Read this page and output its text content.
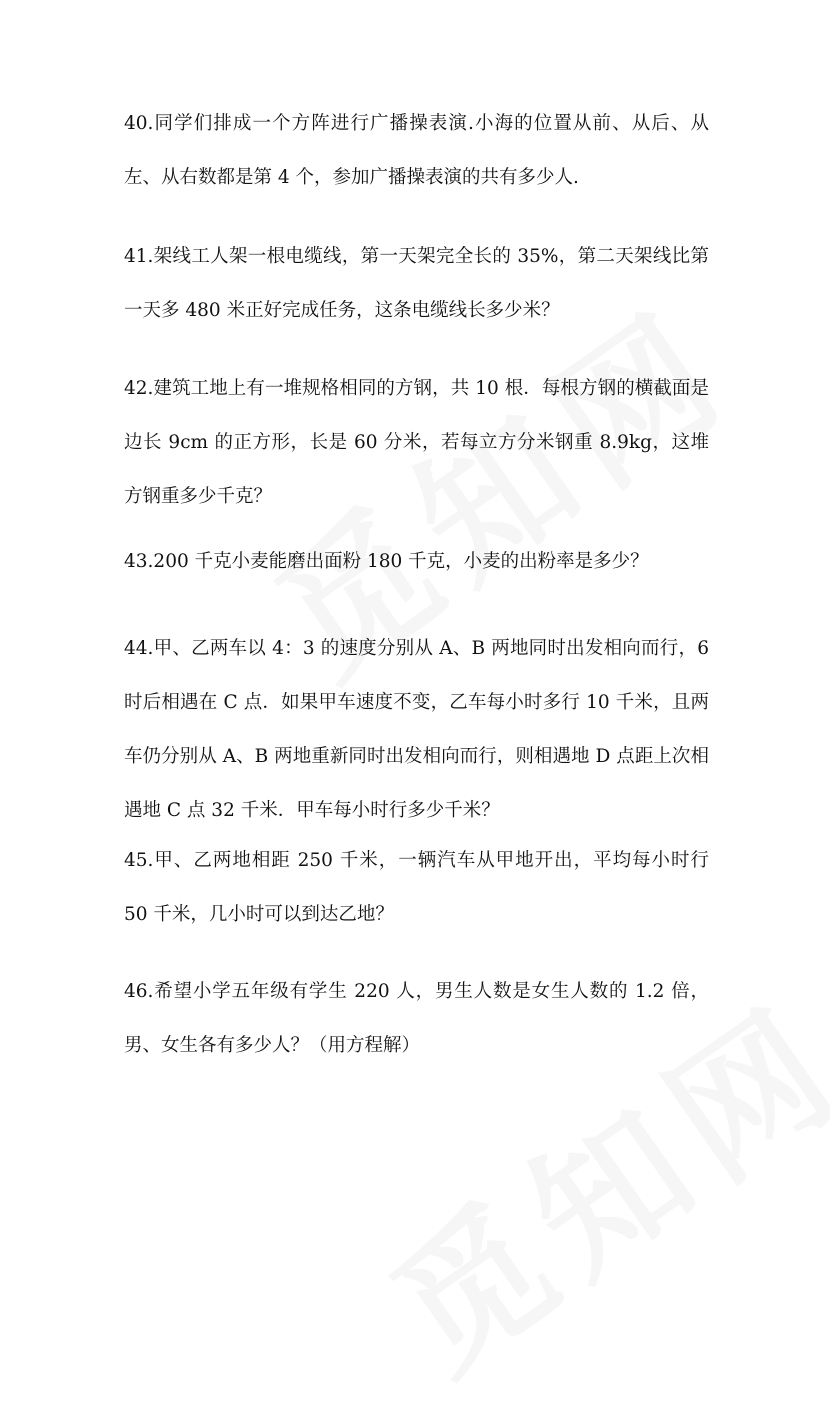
40.同学们排成一个方阵进行广播操表演.小海的位置从前、从后、从左、从右数都是第 4 个，参加广播操表演的共有多少人.

41.架线工人架一根电缆线，第一天架完全长的 35%，第二天架线比第一天多 480 米正好完成任务，这条电缆线长多少米？

42.建筑工地上有一堆规格相同的方钢，共 10 根．每根方钢的横截面是边长 9cm 的正方形，长是 60 分米，若每立方分米钢重 8.9kg，这堆方钢重多少千克？

43.200 千克小麦能磨出面粉 180 千克，小麦的出粉率是多少？

44.甲、乙两车以 4：3 的速度分别从 A、B 两地同时出发相向而行，6 时后相遇在 C 点．如果甲车速度不变，乙车每小时多行 10 千米，且两车仍分别从 A、B 两地重新同时出发相向而行，则相遇地 D 点距上次相遇地 C 点 32 千米．甲车每小时行多少千米？

45.甲、乙两地相距 250 千米，一辆汽车从甲地开出，平均每小时行 50 千米，几小时可以到达乙地？

46.希望小学五年级有学生 220 人，男生人数是女生人数的 1.2 倍，男、女生各有多少人？（用方程解）
